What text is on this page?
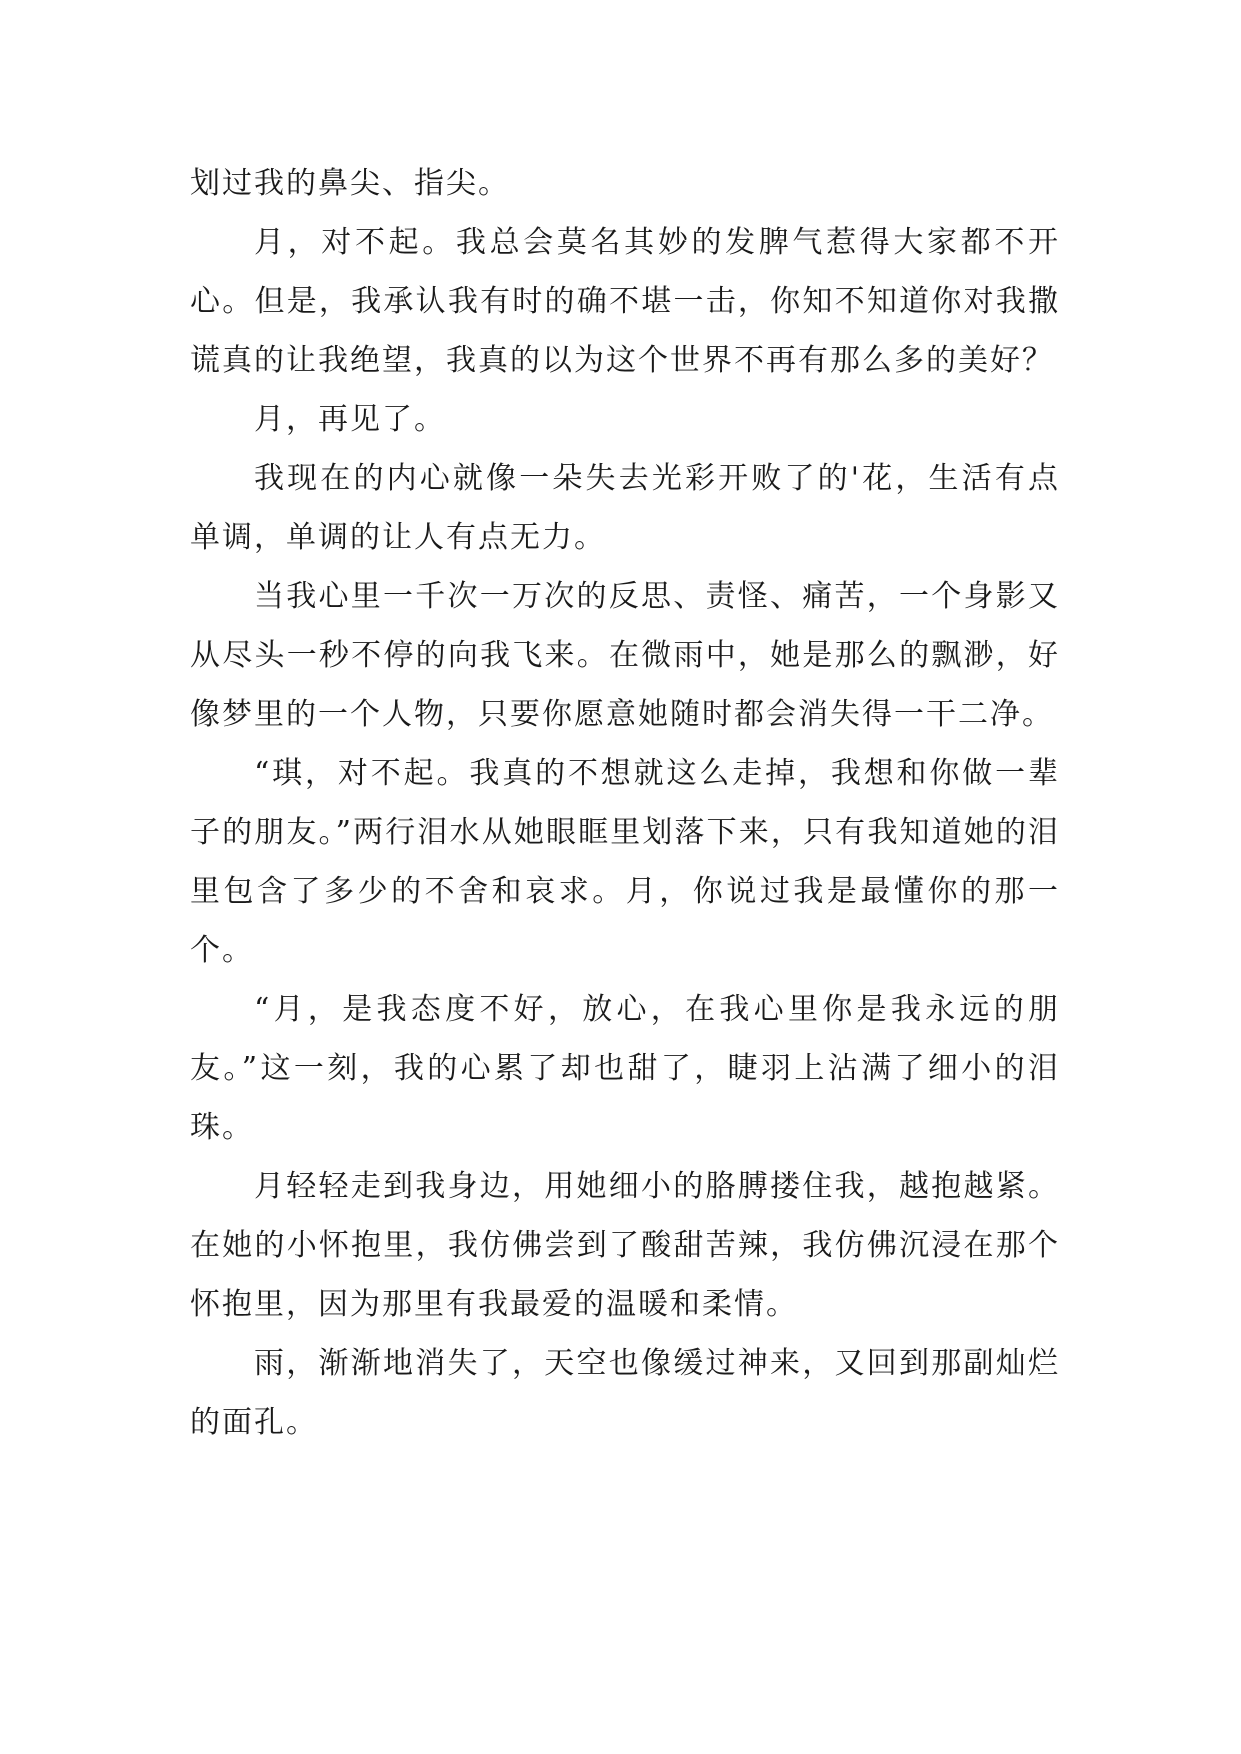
划过我的鼻尖、指尖。

月，对不起。我总会莫名其妙的发脾气惹得大家都不开心。但是，我承认我有时的确不堪一击，你知不知道你对我撒谎真的让我绝望，我真的以为这个世界不再有那么多的美好？

月，再见了。

我现在的内心就像一朵失去光彩开败了的'花，生活有点单调，单调的让人有点无力。

当我心里一千次一万次的反思、责怪、痛苦，一个身影又从尽头一秒不停的向我飞来。在微雨中，她是那么的飘渺，好像梦里的一个人物，只要你愿意她随时都会消失得一干二净。

“琪，对不起。我真的不想就这么走掉，我想和你做一辈子的朋友。”两行泪水从她眼眶里划落下来，只有我知道她的泪里包含了多少的不舍和哀求。月，你说过我是最懂你的那一个。

“月，是我态度不好，放心，在我心里你是我永远的朋友。”这一刻，我的心累了却也甜了，睫羽上沾满了细小的泪珠。

月轻轻走到我身边，用她细小的胳膊搂住我，越抱越紧。在她的小怀抱里，我仿佛尝到了酸甜苦辣，我仿佛沉浸在那个怀抱里，因为那里有我最爱的温暖和柔情。

雨，渐渐地消失了，天空也像缓过神来，又回到那副灿烂的面孔。
